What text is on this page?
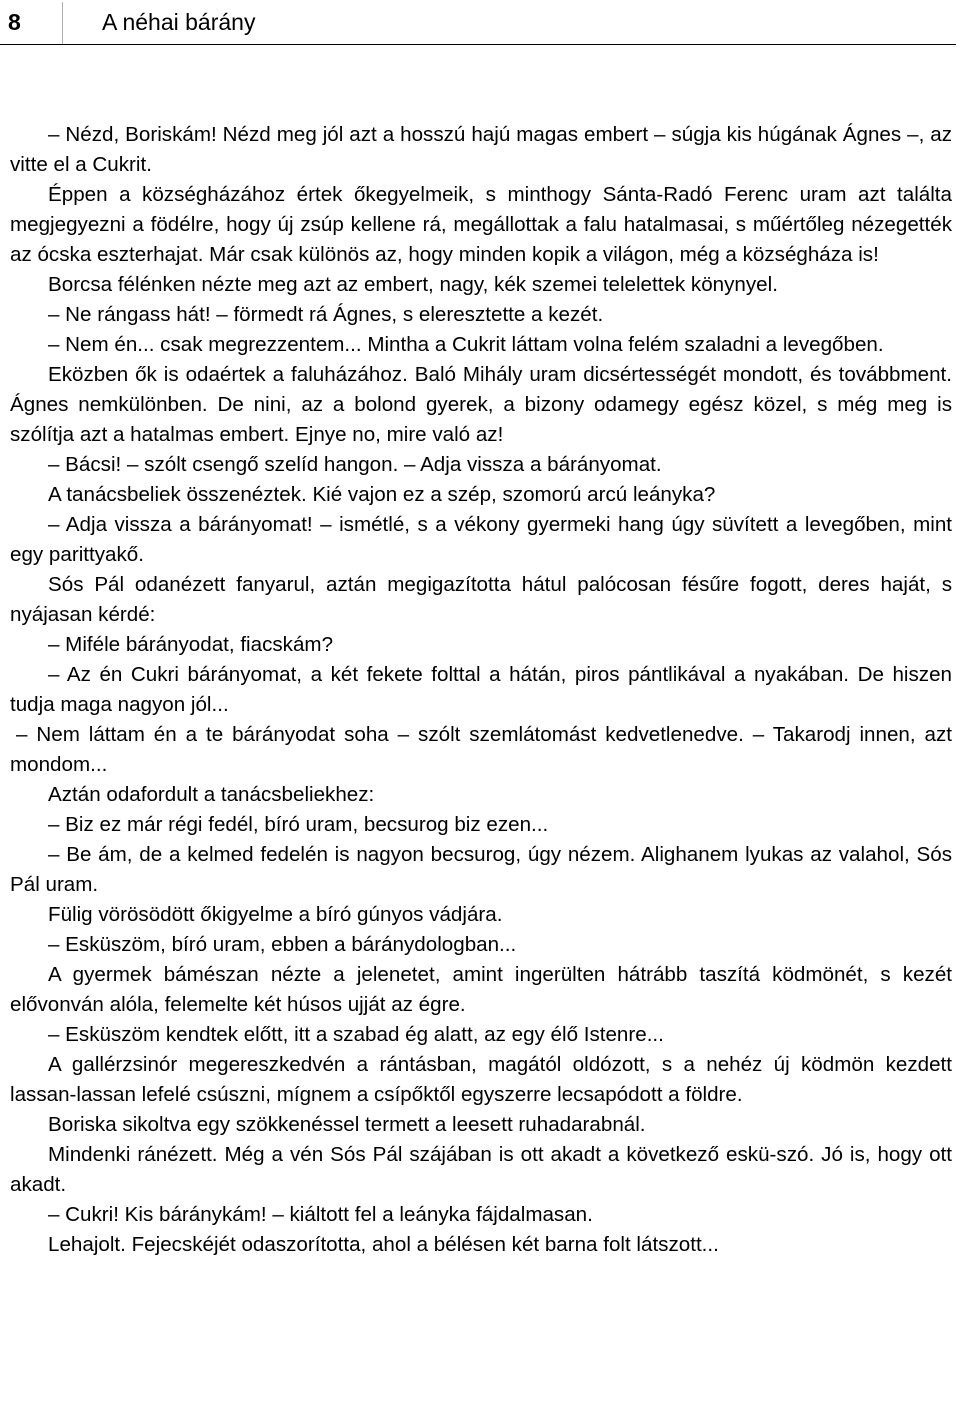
8	A néhai bárány

– Nézd, Boriskám! Nézd meg jól azt a hosszú hajú magas embert – súgja kis húgának Ágnes –, az vitte el a Cukrit.

Éppen a községházához értek őkegyelmeik, s minthogy Sánta-Radó Ferenc uram azt találta megjegyezni a födélre, hogy új zsúp kellene rá, megállottak a falu hatalmasai, s műértőleg nézegették az ócska eszterhajat. Már csak különös az, hogy minden kopik a világon, még a községháza is!

Borcsa félénken nézte meg azt az embert, nagy, kék szemei telelettek könynyel.

– Ne rángass hát! – förmedt rá Ágnes, s eleresztette a kezét.

– Nem én... csak megrezzentem... Mintha a Cukrit láttam volna felém szaladni a levegőben.

Eközben ők is odaértek a faluházához. Baló Mihály uram dicsértességét mondott, és továbbment. Ágnes nemkülönben. De nini, az a bolond gyerek, a bizony odamegy egész közel, s még meg is szólítja azt a hatalmas embert. Ejnye no, mire való az!

– Bácsi! – szólt csengő szelíd hangon. – Adja vissza a bárányomat.

A tanácsbeliek összenéztek. Kié vajon ez a szép, szomorú arcú leányka?

– Adja vissza a bárányomat! – ismétlé, s a vékony gyermeki hang úgy süvített a levegőben, mint egy parittyakő.

Sós Pál odanézett fanyarul, aztán megigazította hátul palócosan fésűre fogott, deres haját, s nyájasan kérdé:

– Miféle bárányodat, fiacskám?

– Az én Cukri bárányomat, a két fekete folttal a hátán, piros pántlikával a nyakában. De hiszen tudja maga nagyon jól...

– Nem láttam én a te bárányodat soha – szólt szemlátomást kedvetlenedve. – Takarodj innen, azt mondom...

Aztán odafordult a tanácsbeliekhez:

– Biz ez már régi fedél, bíró uram, becsurog biz ezen...

– Be ám, de a kelmed fedelén is nagyon becsurog, úgy nézem. Alighanem lyukas az valahol, Sós Pál uram.

Fülig vörösödött őkigyelme a bíró gúnyos vádjára.

– Esküszöm, bíró uram, ebben a báránydologban...

A gyermek bámészan nézte a jelenetet, amint ingerülten hátrább taszítá ködmönét, s kezét elővonván alóla, felemelte két húsos ujját az égre.

– Esküszöm kendtek előtt, itt a szabad ég alatt, az egy élő Istenre...

A gallérzsinór megereszkedvén a rántásban, magától oldózott, s a nehéz új ködmön kezdett lassan-lassan lefelé csúszni, mígnem a csípőktől egyszerre lecsapódott a földre.

Boriska sikoltva egy szökkenéssel termett a leesett ruhadarabnál.

Mindenki ránézett. Még a vén Sós Pál szájában is ott akadt a következő eskü-szó. Jó is, hogy ott akadt.

– Cukri! Kis báránykám! – kiáltott fel a leányka fájdalmasan.

Lehajolt. Fejecskéjét odaszorította, ahol a bélésen két barna folt látszott...
